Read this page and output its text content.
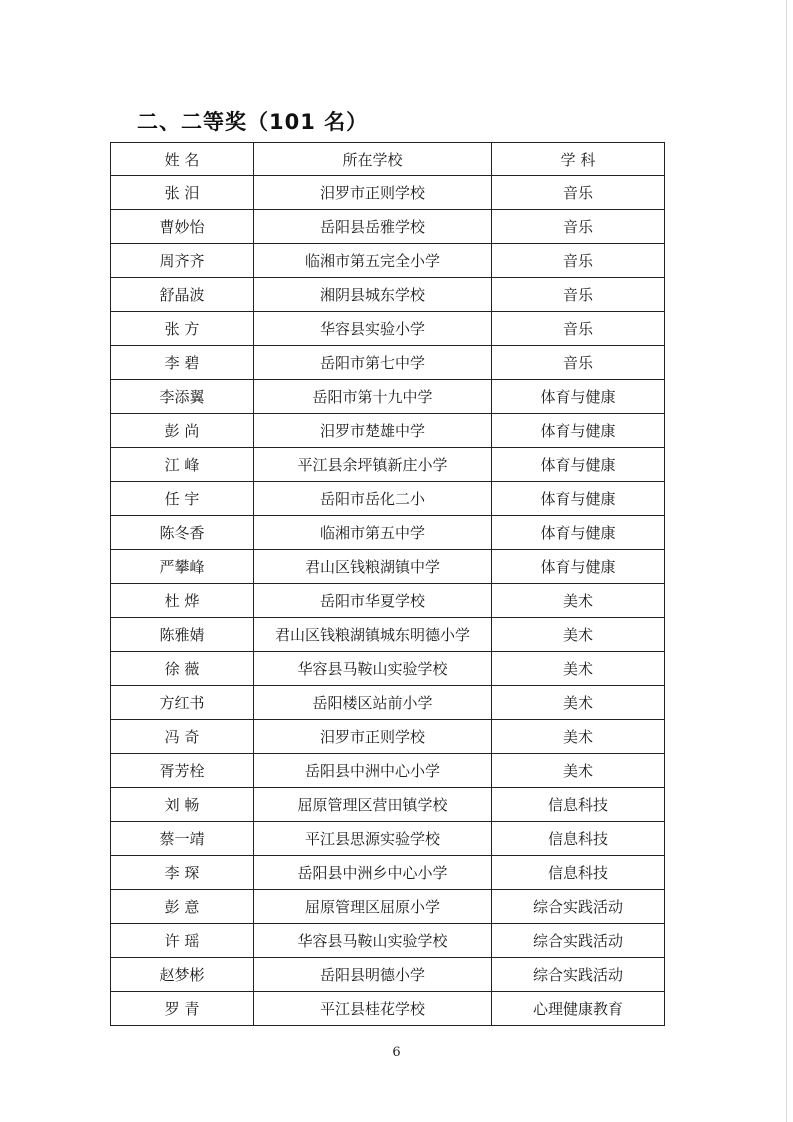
二、二等奖（101 名）
姓 名	所在学校	学 科
张 汨	汨罗市正则学校	音乐
曹妙怡	岳阳县岳雅学校	音乐
周齐齐	临湘市第五完全小学	音乐
舒晶波	湘阴县城东学校	音乐
张 方	华容县实验小学	音乐
李 碧	岳阳市第七中学	音乐
李添翼	岳阳市第十九中学	体育与健康
彭 尚	汨罗市楚雄中学	体育与健康
江 峰	平江县余坪镇新庄小学	体育与健康
任 宇	岳阳市岳化二小	体育与健康
陈冬香	临湘市第五中学	体育与健康
严攀峰	君山区钱粮湖镇中学	体育与健康
杜 烨	岳阳市华夏学校	美术
陈雅婧	君山区钱粮湖镇城东明德小学	美术
徐 薇	华容县马鞍山实验学校	美术
方红书	岳阳楼区站前小学	美术
冯 奇	汨罗市正则学校	美术
胥芳栓	岳阳县中洲中心小学	美术
刘 畅	屈原管理区营田镇学校	信息科技
蔡一靖	平江县思源实验学校	信息科技
李 琛	岳阳县中洲乡中心小学	信息科技
彭 意	屈原管理区屈原小学	综合实践活动
许 瑶	华容县马鞍山实验学校	综合实践活动
赵梦彬	岳阳县明德小学	综合实践活动
罗 青	平江县桂花学校	心理健康教育
6
